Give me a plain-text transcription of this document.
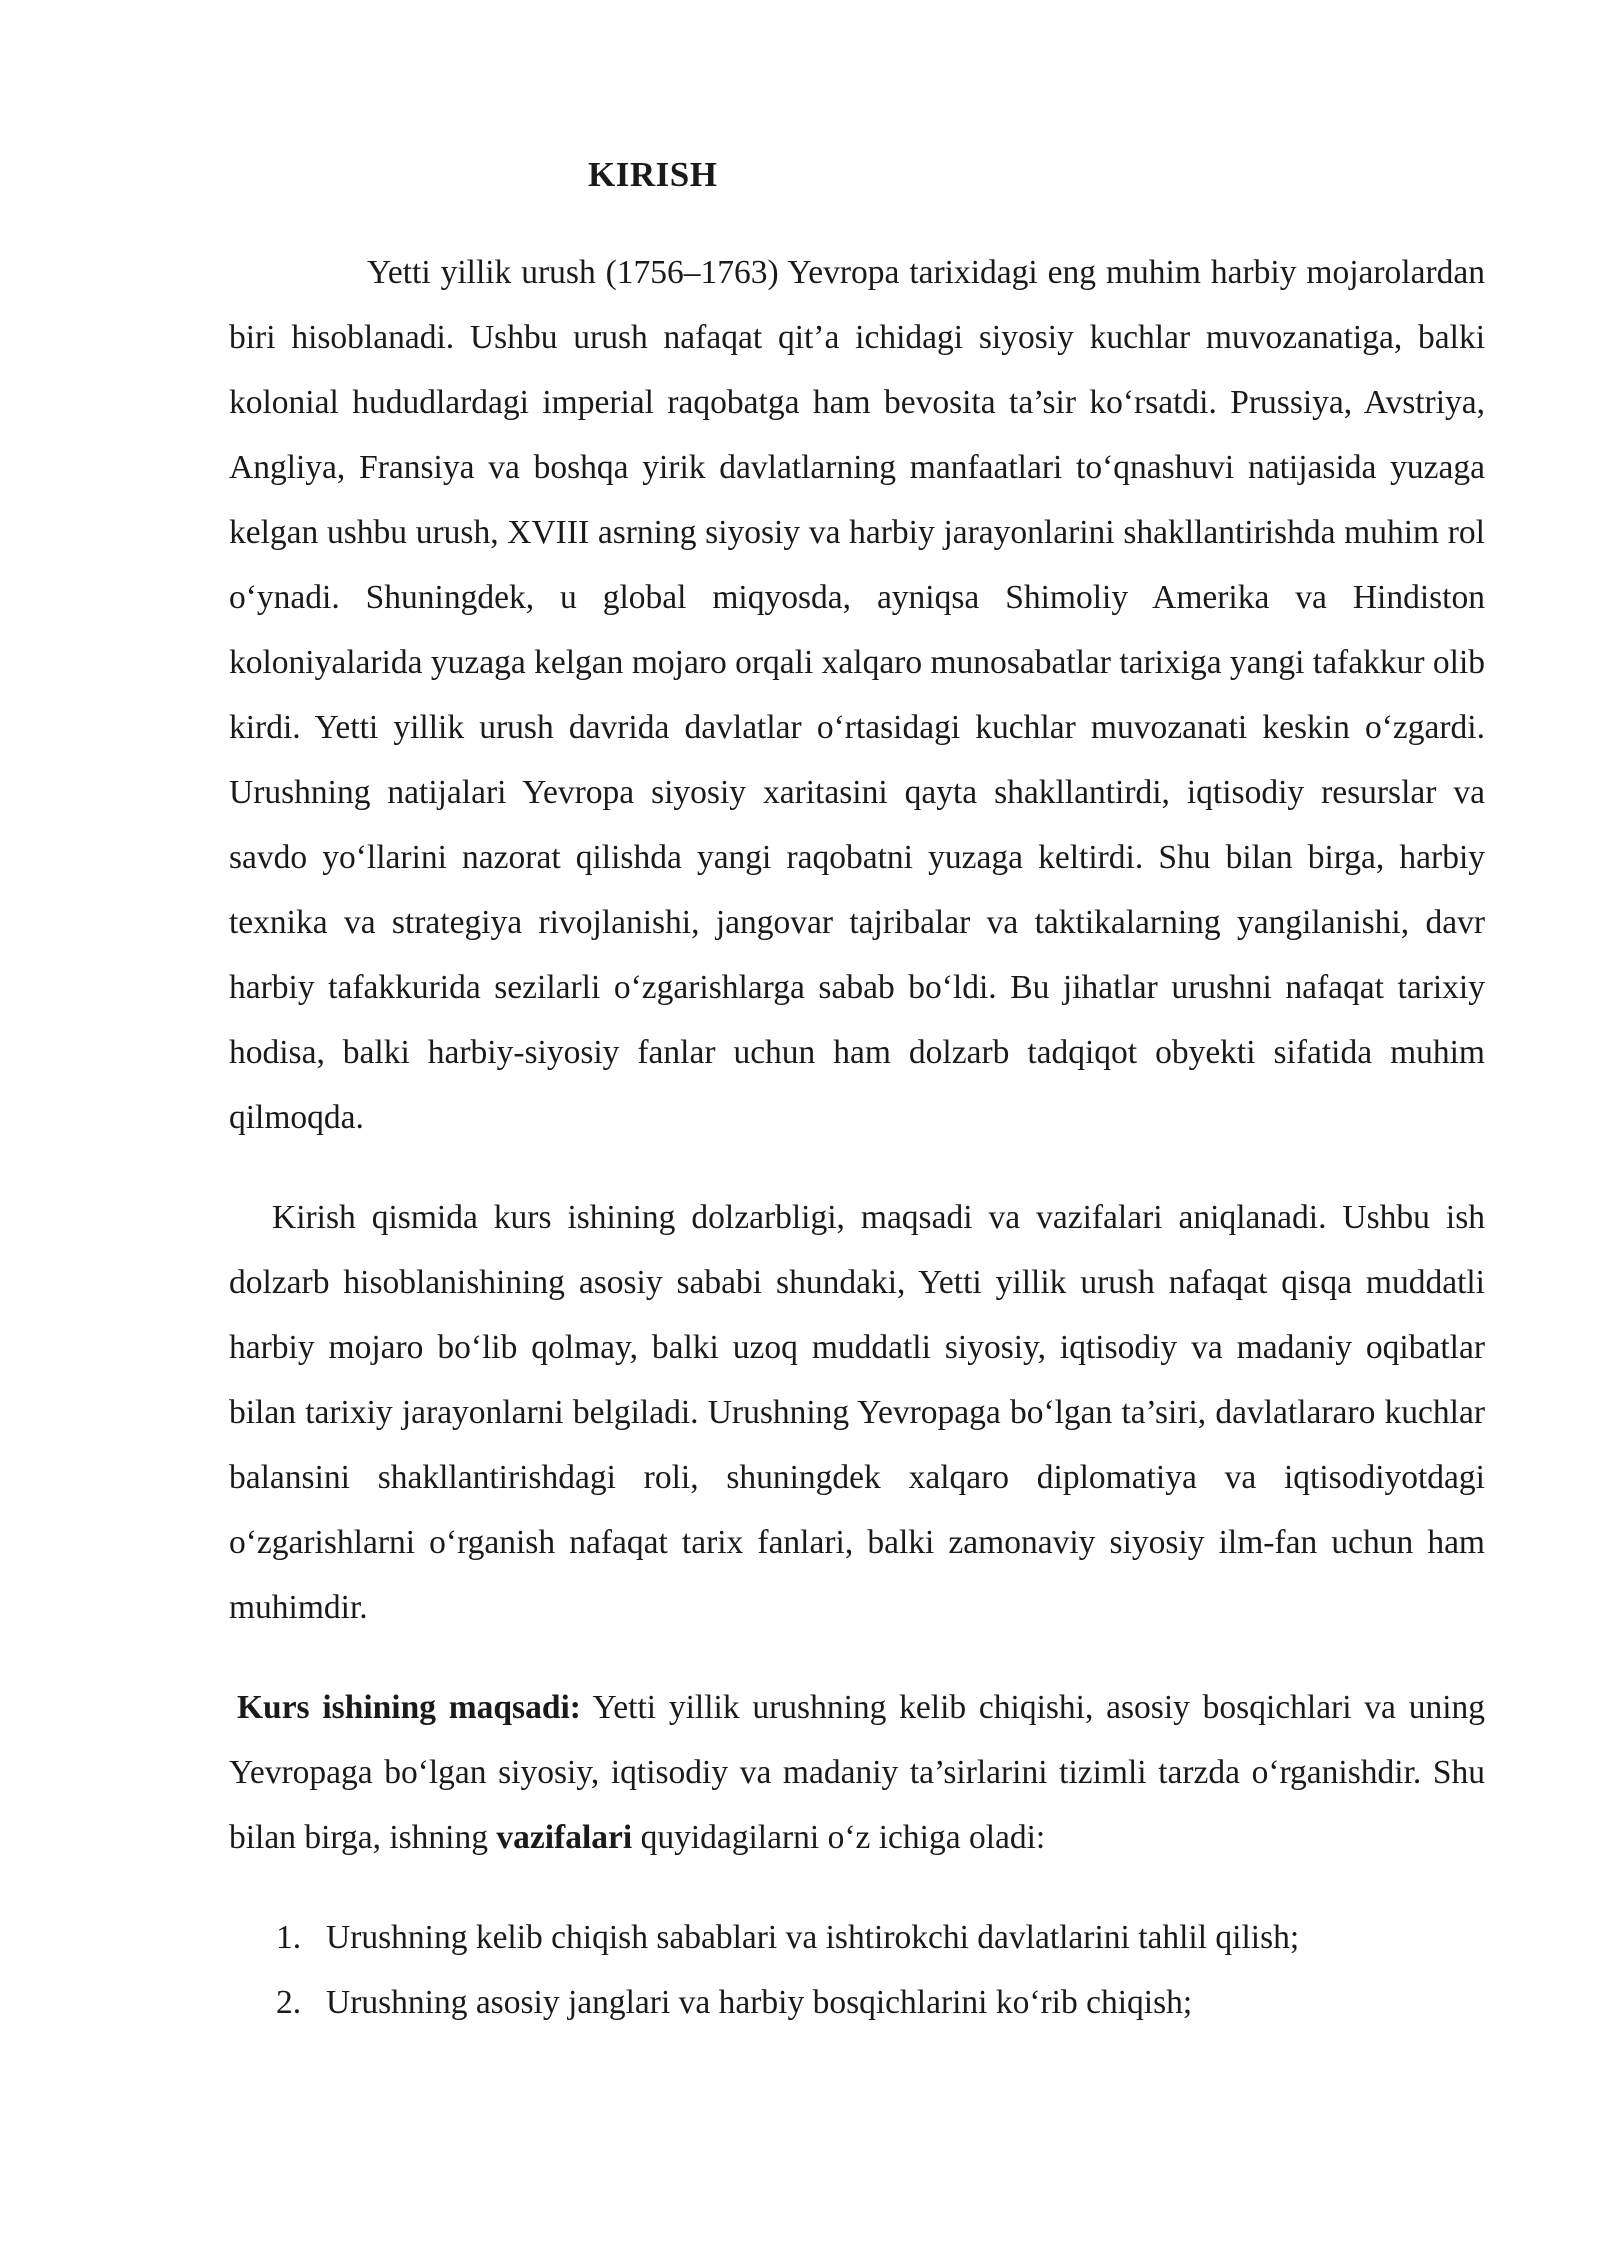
KIRISH

Yetti yillik urush (1756–1763) Yevropa tarixidagi eng muhim harbiy mojarolardan biri hisoblanadi. Ushbu urush nafaqat qit’a ichidagi siyosiy kuchlar muvozanatiga, balki kolonial hududlardagi imperial raqobatga ham bevosita ta’sir ko‘rsatdi. Prussiya, Avstriya, Angliya, Fransiya va boshqa yirik davlatlarning manfaatlari to‘qnashuvi natijasida yuzaga kelgan ushbu urush, XVIII asrning siyosiy va harbiy jarayonlarini shakllantirishda muhim rol o‘ynadi. Shuningdek, u global miqyosda, ayniqsa Shimoliy Amerika va Hindiston koloniyalarida yuzaga kelgan mojaro orqali xalqaro munosabatlar tarixiga yangi tafakkur olib kirdi. Yetti yillik urush davrida davlatlar o‘rtasidagi kuchlar muvozanati keskin o‘zgardi. Urushning natijalari Yevropa siyosiy xaritasini qayta shakllantirdi, iqtisodiy resurslar va savdo yo‘llarini nazorat qilishda yangi raqobatni yuzaga keltirdi. Shu bilan birga, harbiy texnika va strategiya rivojlanishi, jangovar tajribalar va taktikalarning yangilanishi, davr harbiy tafakkurida sezilarli o‘zgarishlarga sabab bo‘ldi. Bu jihatlar urushni nafaqat tarixiy hodisa, balki harbiy-siyosiy fanlar uchun ham dolzarb tadqiqot obyekti sifatida muhim qilmoqda.

Kirish qismida kurs ishining dolzarbligi, maqsadi va vazifalari aniqlanadi. Ushbu ish dolzarb hisoblanishining asosiy sababi shundaki, Yetti yillik urush nafaqat qisqa muddatli harbiy mojaro bo‘lib qolmay, balki uzoq muddatli siyosiy, iqtisodiy va madaniy oqibatlar bilan tarixiy jarayonlarni belgiladi. Urushning Yevropaga bo‘lgan ta’siri, davlatlararo kuchlar balansini shakllantirishdagi roli, shuningdek xalqaro diplomatiya va iqtisodiyotdagi o‘zgarishlarni o‘rganish nafaqat tarix fanlari, balki zamonaviy siyosiy ilm-fan uchun ham muhimdir.

Kurs ishining maqsadi: Yetti yillik urushning kelib chiqishi, asosiy bosqichlari va uning Yevropaga bo‘lgan siyosiy, iqtisodiy va madaniy ta’sirlarini tizimli tarzda o‘rganishdir. Shu bilan birga, ishning vazifalari quyidagilarni o‘z ichiga oladi:

1. Urushning kelib chiqish sabablari va ishtirokchi davlatlarini tahlil qilish;
2. Urushning asosiy janglari va harbiy bosqichlarini ko‘rib chiqish;
